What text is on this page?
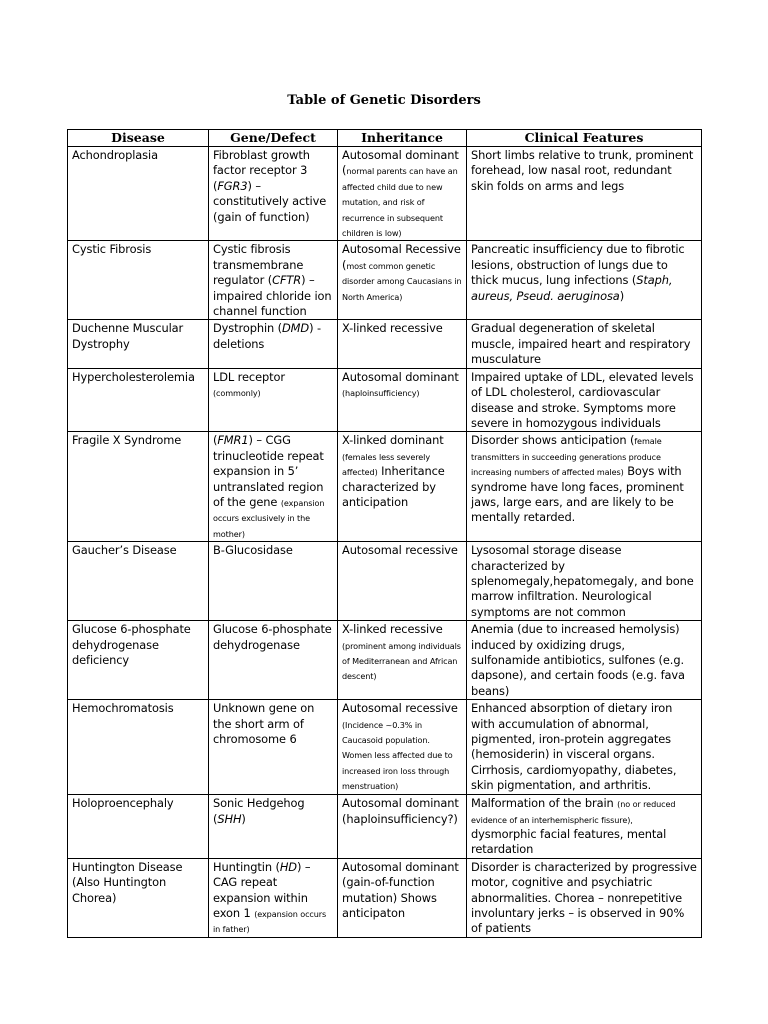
Table of Genetic Disorders
Disease	Gene/Defect	Inheritance	Clinical Features

Achondroplasia	Fibroblast growth factor receptor 3 (FGR3) – constitutively active (gain of function)	Autosomal dominant (normal parents can have an affected child due to new mutation, and risk of recurrence in subsequent children is low)	Short limbs relative to trunk, prominent forehead, low nasal root, redundant skin folds on arms and legs

Cystic Fibrosis	Cystic fibrosis transmembrane regulator (CFTR) – impaired chloride ion channel function	Autosomal Recessive (most common genetic disorder among Caucasians in North America)	Pancreatic insufficiency due to fibrotic lesions, obstruction of lungs due to thick mucus, lung infections (Staph, aureus, Pseud. aeruginosa)

Duchenne Muscular Dystrophy	Dystrophin (DMD) - deletions	X-linked recessive	Gradual degeneration of skeletal muscle, impaired heart and respiratory musculature

Hypercholesterolemia	LDL receptor (commonly)	Autosomal dominant (haploinsufficiency)	Impaired uptake of LDL, elevated levels of LDL cholesterol, cardiovascular disease and stroke. Symptoms more severe in homozygous individuals

Fragile X Syndrome	(FMR1) – CGG trinucleotide repeat expansion in 5’ untranslated region of the gene (expansion occurs exclusively in the mother)	X-linked dominant (females less severely affected) Inheritance characterized by anticipation	Disorder shows anticipation (female transmitters in succeeding generations produce increasing numbers of affected males) Boys with syndrome have long faces, prominent jaws, large ears, and are likely to be mentally retarded.

Gaucher’s Disease	B-Glucosidase	Autosomal recessive	Lysosomal storage disease characterized by splenomegaly,hepatomegaly, and bone marrow infiltration. Neurological symptoms are not common

Glucose 6-phosphate dehydrogenase deficiency	Glucose 6-phosphate dehydrogenase	X-linked recessive (prominent among individuals of Mediterranean and African descent)	Anemia (due to increased hemolysis) induced by oxidizing drugs, sulfonamide antibiotics, sulfones (e.g. dapsone), and certain foods (e.g. fava beans)

Hemochromatosis	Unknown gene on the short arm of chromosome 6	Autosomal recessive (Incidence ~0.3% in Caucasoid population. Women less affected due to increased iron loss through menstruation)	Enhanced absorption of dietary iron with accumulation of abnormal, pigmented, iron-protein aggregates (hemosiderin) in visceral organs. Cirrhosis, cardiomyopathy, diabetes, skin pigmentation, and arthritis.

Holoproencephaly	Sonic Hedgehog (SHH)	Autosomal dominant (haploinsufficiency?)	Malformation of the brain (no or reduced evidence of an interhemispheric fissure), dysmorphic facial features, mental retardation

Huntington Disease (Also Huntington Chorea)	Huntingtin (HD) – CAG repeat expansion within exon 1 (expansion occurs in father)	Autosomal dominant (gain-of-function mutation) Shows anticipaton	Disorder is characterized by progressive motor, cognitive and psychiatric abnormalities. Chorea – nonrepetitive involuntary jerks – is observed in 90% of patients
